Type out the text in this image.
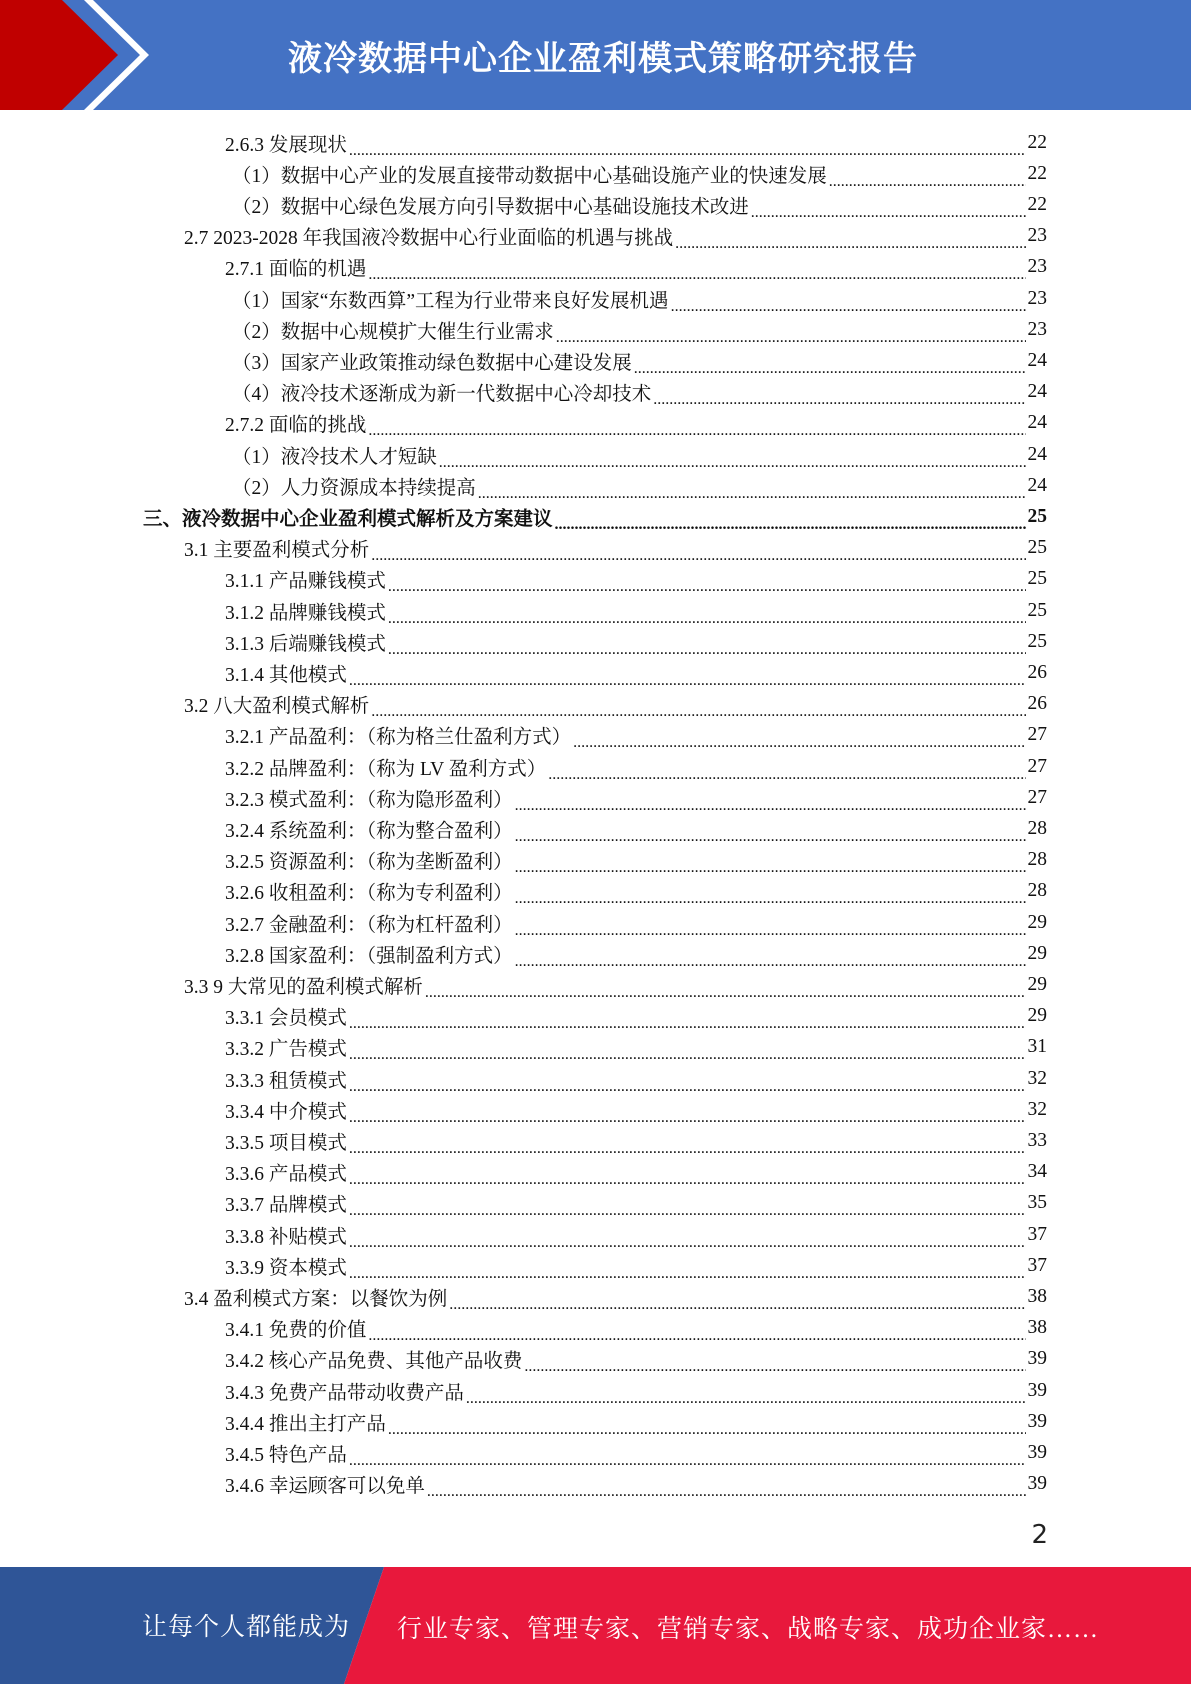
液冷数据中心企业盈利模式策略研究报告
2.6.3 发展现状 .....	22
（1）数据中心产业的发展直接带动数据中心基础设施产业的快速发展 .....	22
（2）数据中心绿色发展方向引导数据中心基础设施技术改进 .....	22
2.7 2023-2028 年我国液冷数据中心行业面临的机遇与挑战 .....	23
2.7.1 面临的机遇 .....	23
（1）国家“东数西算”工程为行业带来良好发展机遇 .....	23
（2）数据中心规模扩大催生行业需求 .....	23
（3）国家产业政策推动绿色数据中心建设发展 .....	24
（4）液冷技术逐渐成为新一代数据中心冷却技术 .....	24
2.7.2 面临的挑战 .....	24
（1）液冷技术人才短缺 .....	24
（2）人力资源成本持续提高 .....	24
三、液冷数据中心企业盈利模式解析及方案建议 .....	25
3.1 主要盈利模式分析 .....	25
3.1.1 产品赚钱模式 .....	25
3.1.2 品牌赚钱模式 .....	25
3.1.3 后端赚钱模式 .....	25
3.1.4 其他模式 .....	26
3.2 八大盈利模式解析 .....	26
3.2.1 产品盈利：（称为格兰仕盈利方式） .....	27
3.2.2 品牌盈利：（称为 LV 盈利方式） .....	27
3.2.3 模式盈利：（称为隐形盈利） .....	27
3.2.4 系统盈利：（称为整合盈利） .....	28
3.2.5 资源盈利：（称为垄断盈利） .....	28
3.2.6 收租盈利：（称为专利盈利） .....	28
3.2.7 金融盈利：（称为杠杆盈利） .....	29
3.2.8 国家盈利：（强制盈利方式） .....	29
3.3 9 大常见的盈利模式解析 .....	29
3.3.1 会员模式 .....	29
3.3.2 广告模式 .....	31
3.3.3 租赁模式 .....	32
3.3.4 中介模式 .....	32
3.3.5 项目模式 .....	33
3.3.6 产品模式 .....	34
3.3.7 品牌模式 .....	35
3.3.8 补贴模式 .....	37
3.3.9 资本模式 .....	37
3.4 盈利模式方案：以餐饮为例 .....	38
3.4.1 免费的价值 .....	38
3.4.2 核心产品免费、其他产品收费 .....	39
3.4.3 免费产品带动收费产品 .....	39
3.4.4 推出主打产品 .....	39
3.4.5 特色产品 .....	39
3.4.6 幸运顾客可以免单 .....	39
2
让每个人都能成为 行业专家、管理专家、营销专家、战略专家、成功企业家……
